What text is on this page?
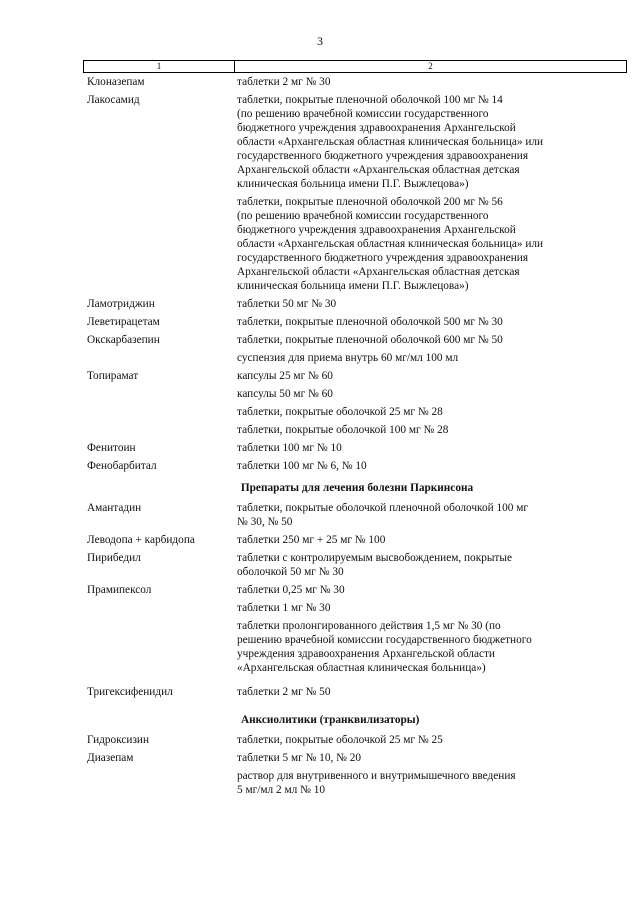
3
1	2
Клоназепам	таблетки 2 мг № 30
Лакосамид	таблетки, покрытые пленочной оболочкой 100 мг № 14
(по решению врачебной комиссии государственного
бюджетного учреждения здравоохранения Архангельской
области «Архангельская областная клиническая больница» или
государственного бюджетного учреждения здравоохранения
Архангельской области «Архангельская областная детская
клиническая больница имени П.Г. Выжлецова»)
таблетки, покрытые пленочной оболочкой 200 мг № 56
(по решению врачебной комиссии государственного
бюджетного учреждения здравоохранения Архангельской
области «Архангельская областная клиническая больница» или
государственного бюджетного учреждения здравоохранения
Архангельской области «Архангельская областная детская
клиническая больница имени П.Г. Выжлецова»)
Ламотриджин	таблетки 50 мг № 30
Леветирацетам	таблетки, покрытые пленочной оболочкой 500 мг № 30
Окскарбазепин	таблетки, покрытые пленочной оболочкой 600 мг № 50
суспензия для приема внутрь 60 мг/мл 100 мл
Топирамат	капсулы 25 мг № 60
капсулы 50 мг № 60
таблетки, покрытые оболочкой 25 мг № 28
таблетки, покрытые оболочкой 100 мг № 28
Фенитоин	таблетки 100 мг № 10
Фенобарбитал	таблетки 100 мг № 6, № 10
Препараты для лечения болезни Паркинсона
Амантадин	таблетки, покрытые оболочкой пленочной оболочкой 100 мг
№ 30, № 50
Леводопа + карбидопа	таблетки 250 мг + 25 мг № 100
Пирибедил	таблетки с контролируемым высвобождением, покрытые
оболочкой 50 мг № 30
Прамипексол	таблетки 0,25 мг № 30
таблетки 1 мг № 30
таблетки пролонгированного действия 1,5 мг № 30 (по
решению врачебной комиссии государственного бюджетного
учреждения здравоохранения Архангельской области
«Архангельская областная клиническая больница»)
Тригексифенидил	таблетки 2 мг № 50
Анксиолитики (транквилизаторы)
Гидроксизин	таблетки, покрытые оболочкой 25 мг № 25
Диазепам	таблетки 5 мг № 10, № 20
раствор для внутривенного и внутримышечного введения
5 мг/мл 2 мл № 10
